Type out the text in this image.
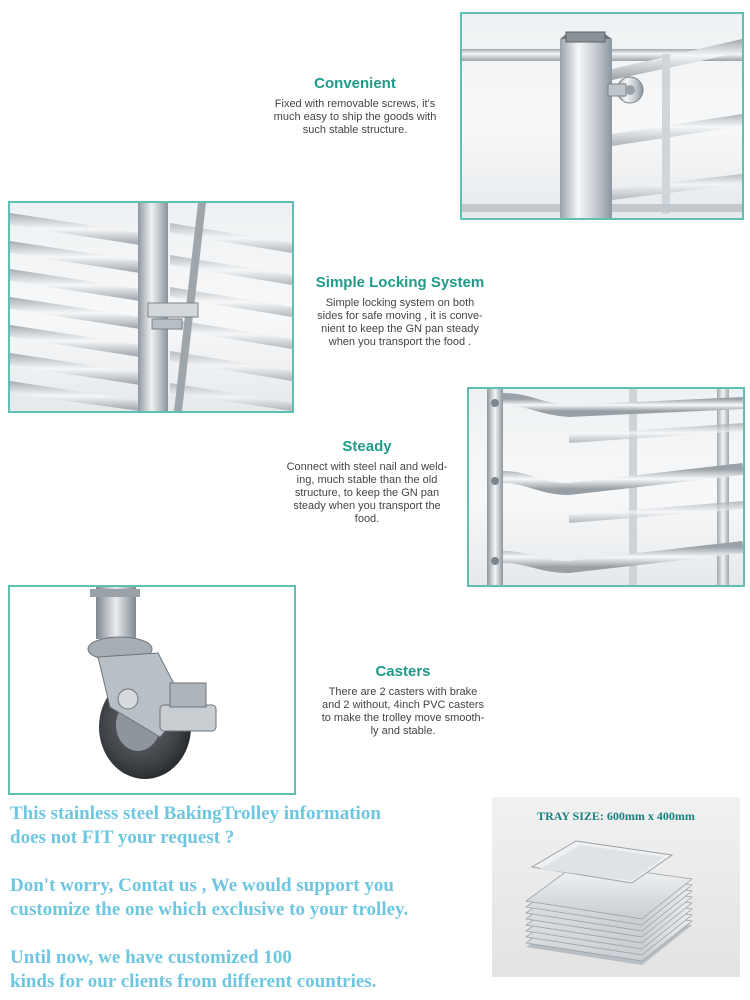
Convenient
Fixed with removable screws, it's
much easy to ship the goods with
such stable structure.
Simple Locking System
Simple locking system on both
sides for safe moving , it is conve-
nient to keep the GN pan steady
when you transport the food .
Steady
Connect with steel nail and weld-
ing, much stable than the old
structure, to keep the GN pan
steady when you transport the
food.
Casters
There are 2 casters with brake
and 2 without, 4inch PVC casters
to make the trolley move smooth-
ly and stable.
This stainless steel BakingTrolley information
does not FIT your request ?
Don't worry, Contat us , We would support you
customize the one which exclusive to your trolley.
Until now, we have customized 100
kinds for our clients from different countries.
TRAY SIZE: 600mm x 400mm
